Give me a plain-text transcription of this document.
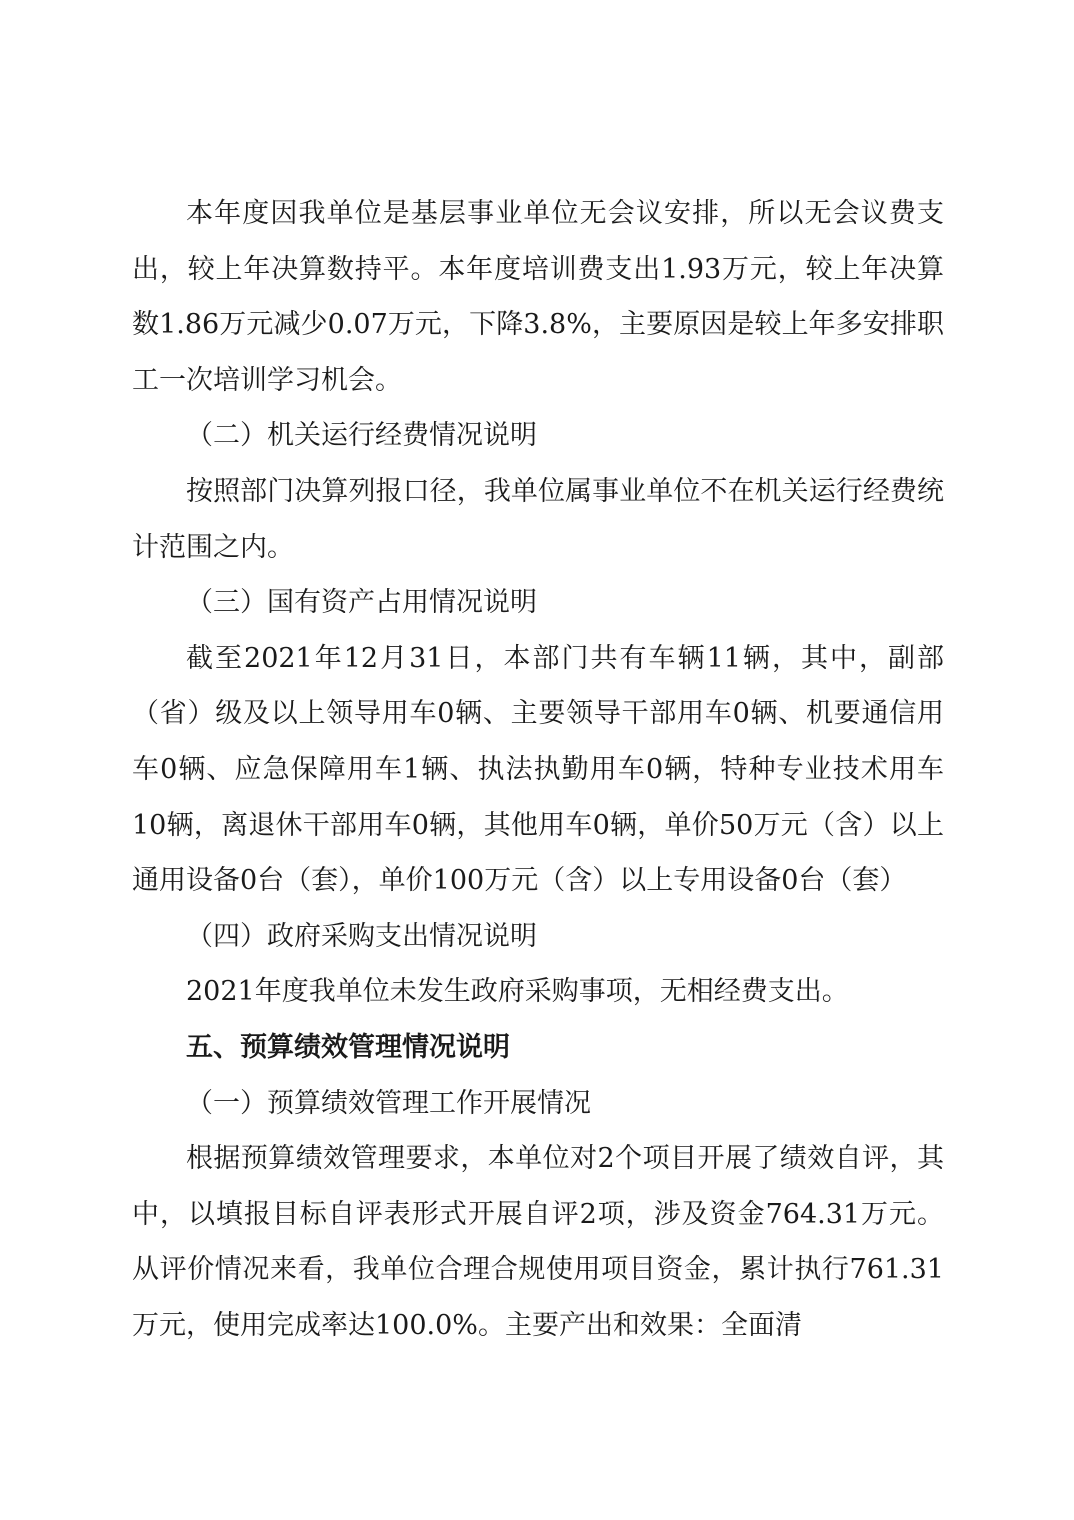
本年度因我单位是基层事业单位无会议安排，所以无会议费支出，较上年决算数持平。本年度培训费支出1.93万元，较上年决算数1.86万元减少0.07万元，下降3.8%，主要原因是较上年多安排职工一次培训学习机会。

（二）机关运行经费情况说明

按照部门决算列报口径，我单位属事业单位不在机关运行经费统计范围之内。

（三）国有资产占用情况说明

截至2021年12月31日，本部门共有车辆11辆，其中，副部（省）级及以上领导用车0辆、主要领导干部用车0辆、机要通信用车0辆、应急保障用车1辆、执法执勤用车0辆，特种专业技术用车10辆，离退休干部用车0辆，其他用车0辆，单价50万元（含）以上通用设备0台（套），单价100万元（含）以上专用设备0台（套）

（四）政府采购支出情况说明

2021年度我单位未发生政府采购事项，无相经费支出。

五、预算绩效管理情况说明
（一）预算绩效管理工作开展情况

根据预算绩效管理要求，本单位对2个项目开展了绩效自评，其中，以填报目标自评表形式开展自评2项，涉及资金764.31万元。从评价情况来看，我单位合理合规使用项目资金，累计执行761.31万元，使用完成率达100.0%。主要产出和效果：全面清
